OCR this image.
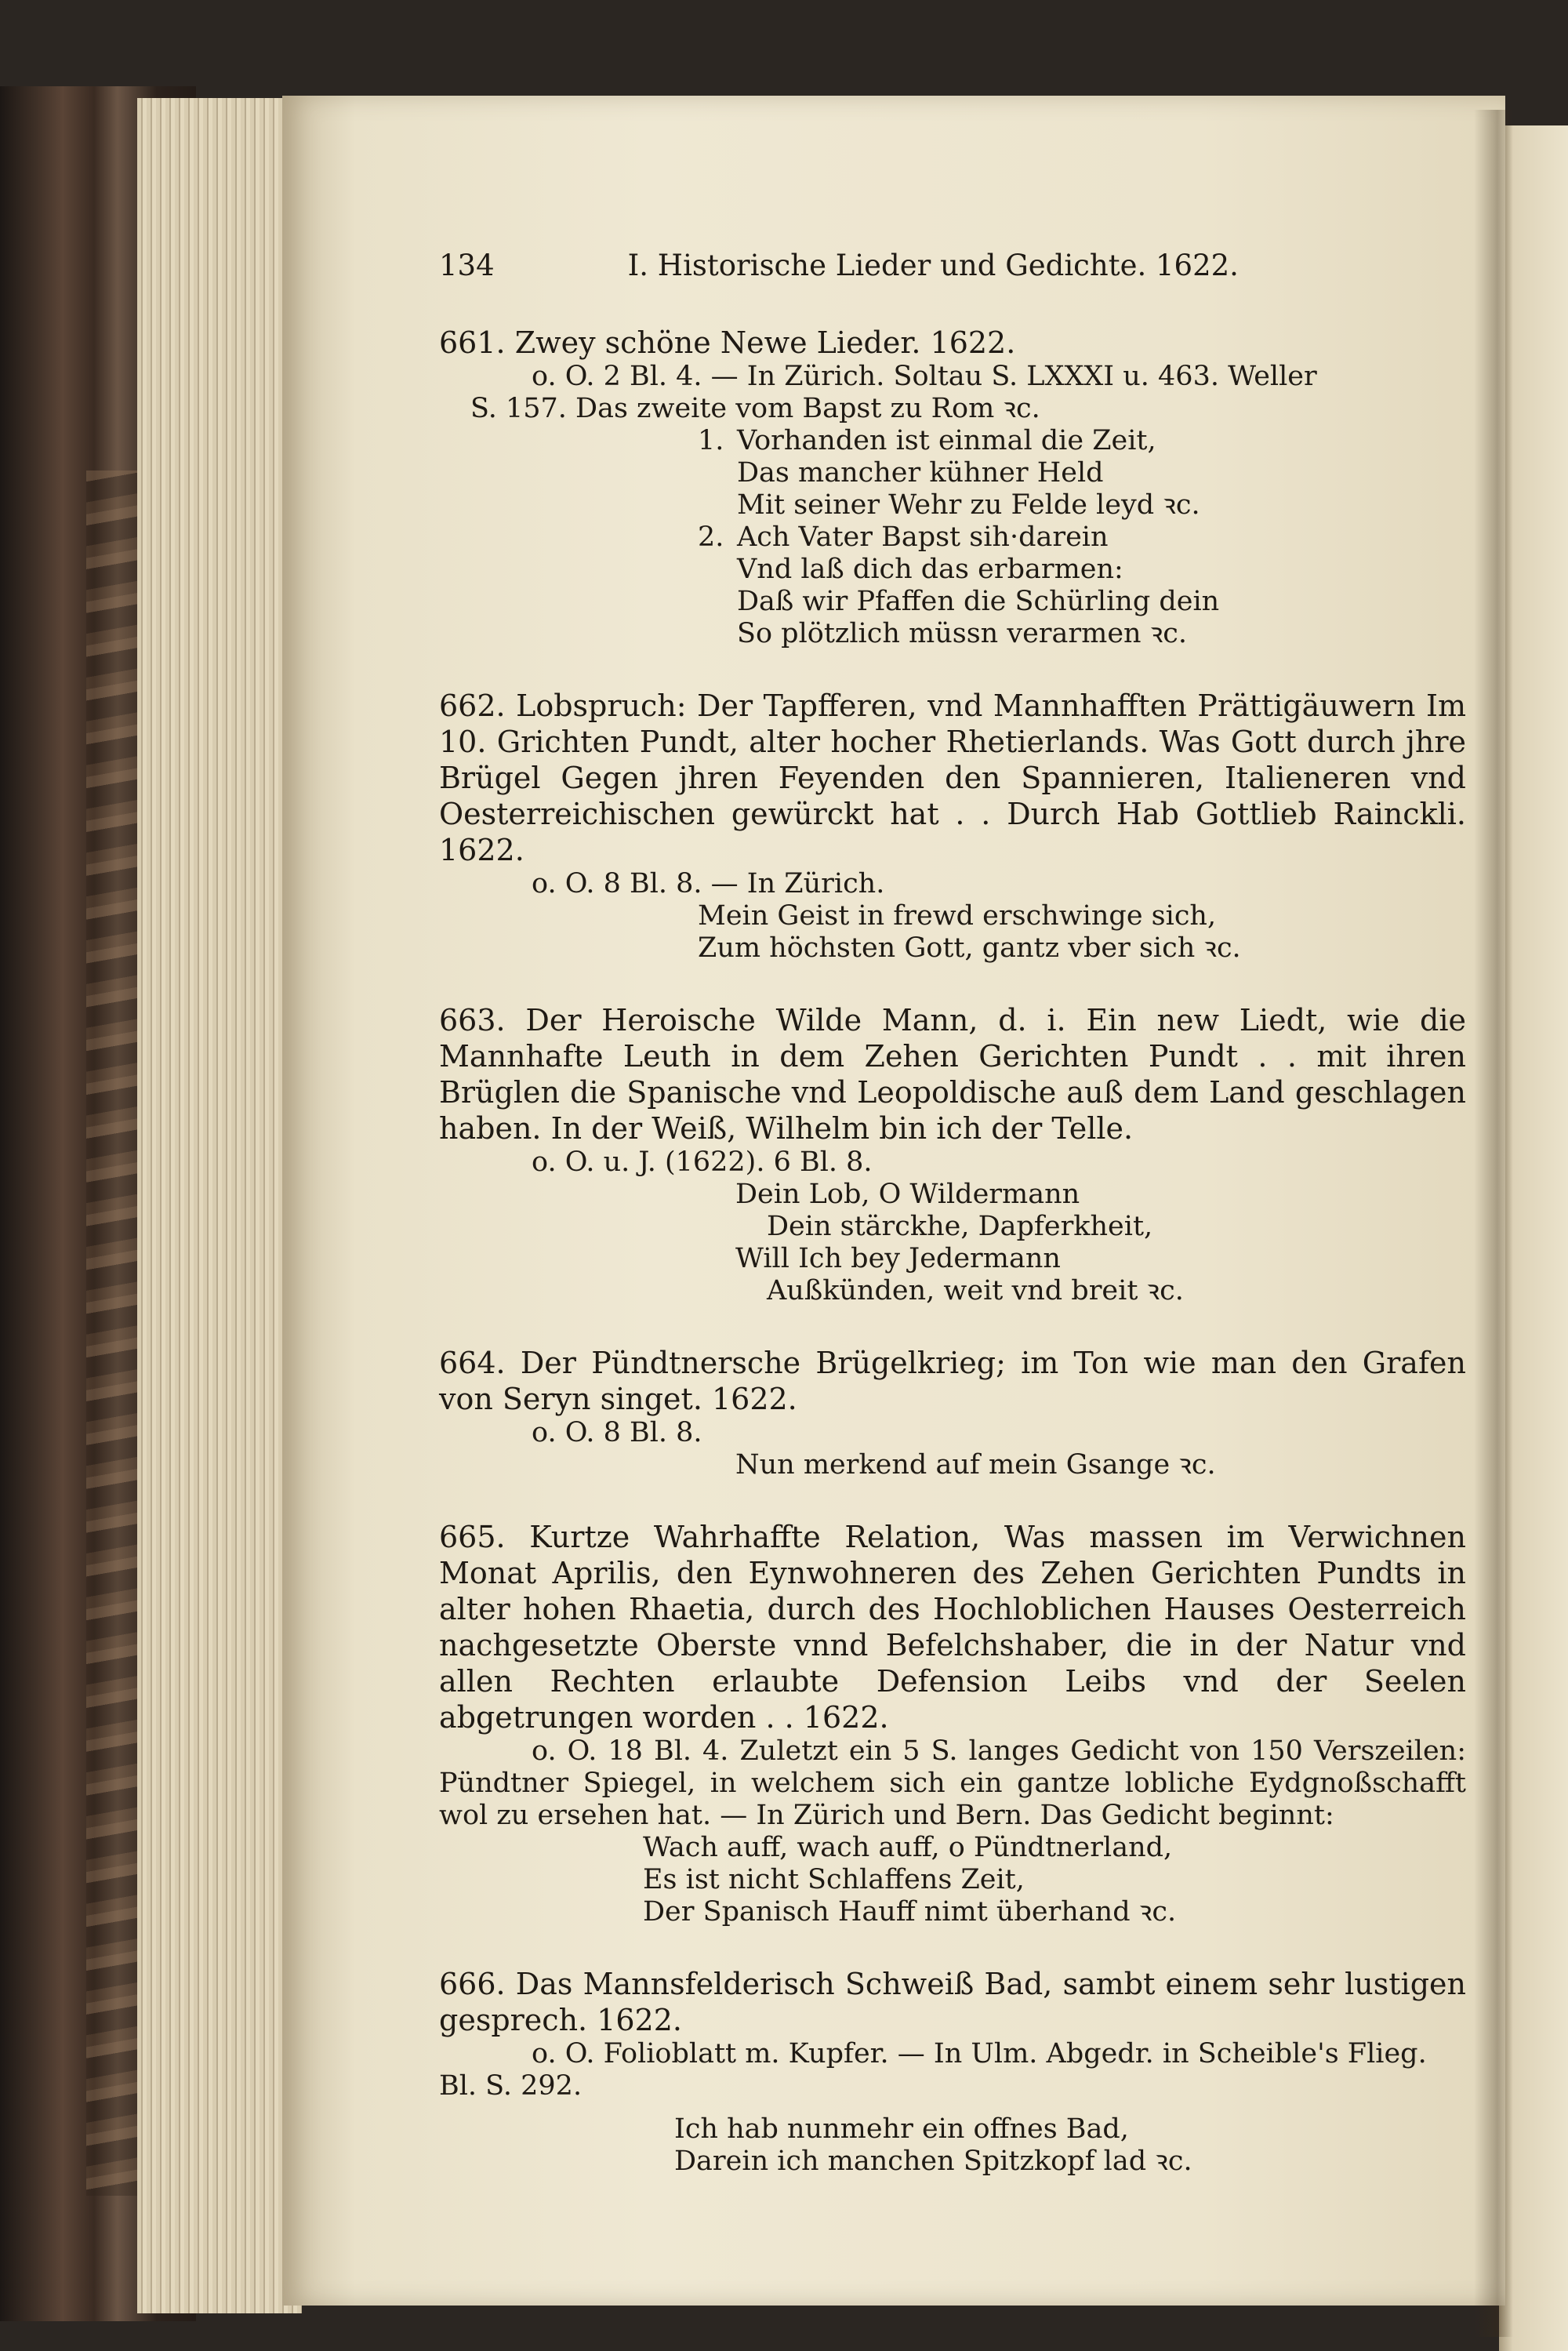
134	I. Historische Lieder und Gedichte. 1622.
661. Zwey schöne Newe Lieder. 1622.
o. O. 2 Bl. 4. — In Zürich. Soltau S. LXXXI u. 463. Weller
S. 157. Das zweite vom Bapst zu Rom ꝛc.
1. Vorhanden ist einmal die Zeit,
Das mancher kühner Held
Mit seiner Wehr zu Felde leyd ꝛc.
2. Ach Vater Bapst sih·darein
Vnd laß dich das erbarmen:
Daß wir Pfaffen die Schürling dein
So plötzlich müssn verarmen ꝛc.
662. Lobspruch: Der Tapfferen, vnd Mannhafften Prättigäuwern Im 10. Grichten Pundt, alter hocher Rhetierlands. Was Gott durch jhre Brügel Gegen jhren Feyenden den Spannieren, Italieneren vnd Oesterreichischen gewürckt hat . . Durch Hab Gottlieb Rainckli. 1622.
o. O. 8 Bl. 8. — In Zürich.
Mein Geist in frewd erschwinge sich,
Zum höchsten Gott, gantz vber sich ꝛc.
663. Der Heroische Wilde Mann, d. i. Ein new Liedt, wie die Mannhafte Leuth in dem Zehen Gerichten Pundt . . mit ihren Brüglen die Spanische vnd Leopoldische auß dem Land geschlagen haben. In der Weiß, Wilhelm bin ich der Telle.
o. O. u. J. (1622). 6 Bl. 8.
Dein Lob, O Wildermann
Dein stärckhe, Dapferkheit,
Will Ich bey Jedermann
Außkünden, weit vnd breit ꝛc.
664. Der Pündtnersche Brügelkrieg; im Ton wie man den Grafen von Seryn singet. 1622.
o. O. 8 Bl. 8.
Nun merkend auf mein Gsange ꝛc.
665. Kurtze Wahrhaffte Relation, Was massen im Verwichnen Monat Aprilis, den Eynwohneren des Zehen Gerichten Pundts in alter hohen Rhaetia, durch des Hochloblichen Hauses Oesterreich nachgesetzte Oberste vnnd Befelchshaber, die in der Natur vnd allen Rechten erlaubte Defension Leibs vnd der Seelen abgetrungen worden . . 1622.
o. O. 18 Bl. 4. Zuletzt ein 5 S. langes Gedicht von 150 Verszeilen: Pündtner Spiegel, in welchem sich ein gantze lobliche Eydgnoßschafft wol zu ersehen hat. — In Zürich und Bern. Das Gedicht beginnt:
Wach auff, wach auff, o Pündtnerland,
Es ist nicht Schlaffens Zeit,
Der Spanisch Hauff nimt überhand ꝛc.
666. Das Mannsfelderisch Schweiß Bad, sambt einem sehr lustigen gesprech. 1622.
o. O. Folioblatt m. Kupfer. — In Ulm. Abgedr. in Scheible's Flieg. Bl. S. 292.
Ich hab nunmehr ein offnes Bad,
Darein ich manchen Spitzkopf lad ꝛc.
